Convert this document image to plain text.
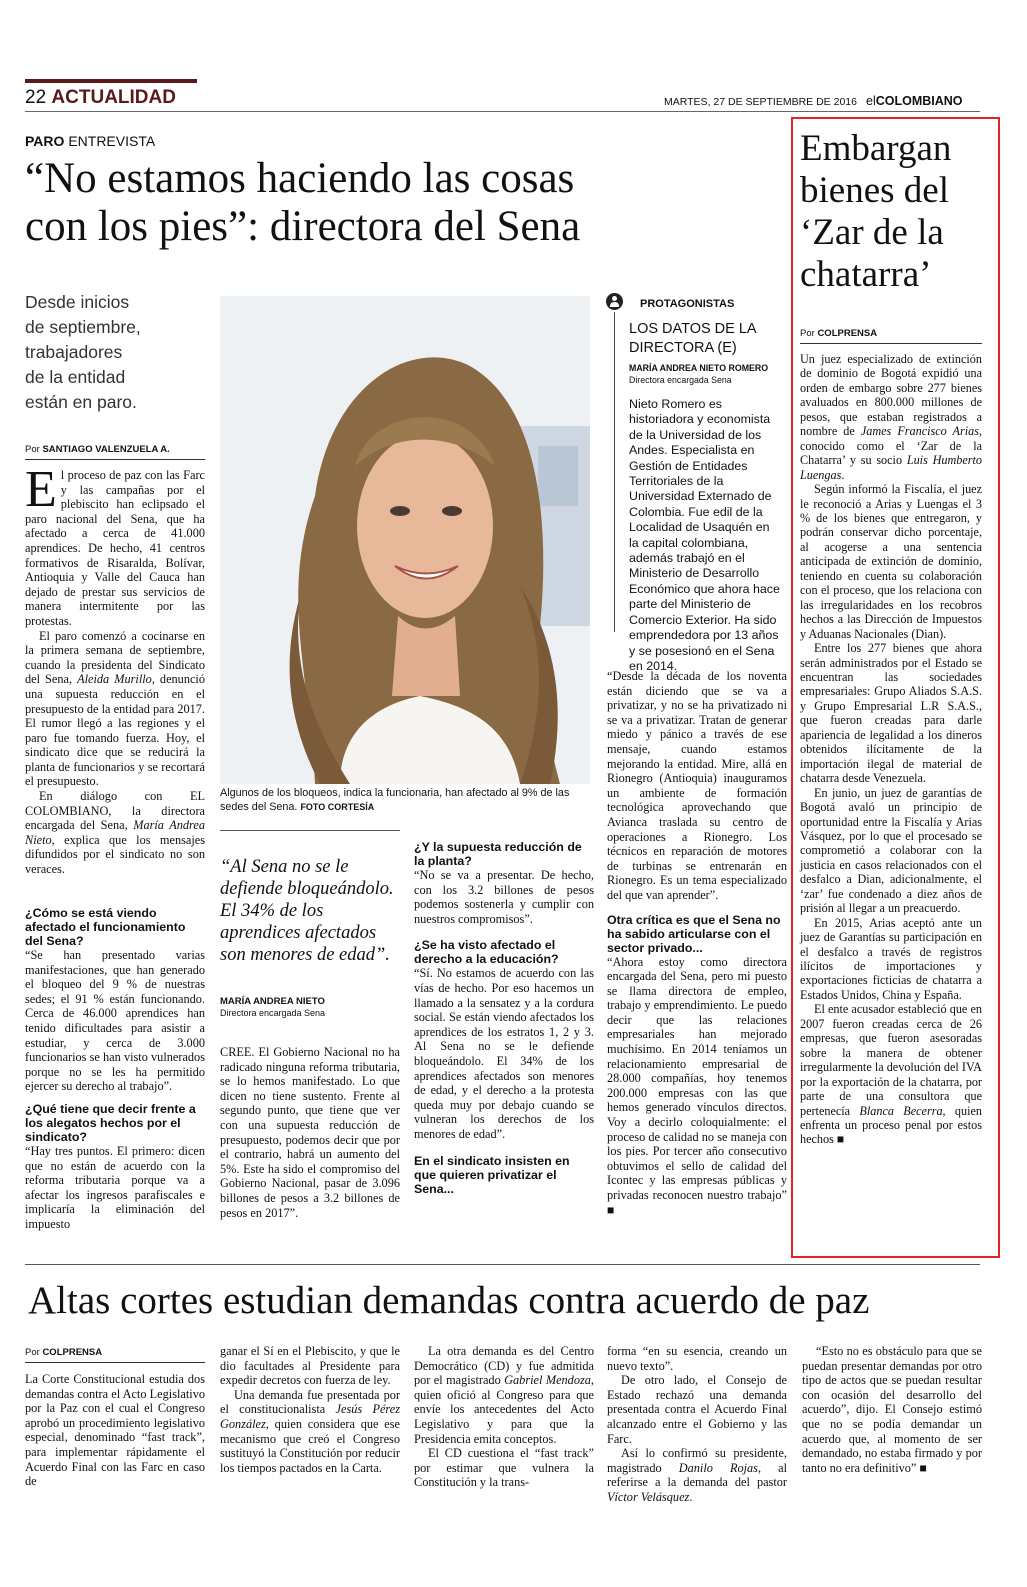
22 ACTUALIDAD	MARTES, 27 DE SEPTIEMBRE DE 2016 elCOLOMBIANO
PARO ENTREVISTA
“No estamos haciendo las cosas
con los pies”: directora del Sena
Desde inicios
de septiembre,
trabajadores
de la entidad
están en paro.
Por SANTIAGO VALENZUELA A.

El proceso de paz con las Farc y las campañas por el plebiscito han eclipsado el paro nacional del Sena, que ha afectado a cerca de 41.000 aprendices. De hecho, 41 centros formativos de Risaralda, Bolívar, Antioquia y Valle del Cauca han dejado de prestar sus servicios de manera intermitente por las protestas.

El paro comenzó a cocinarse en la primera semana de septiembre, cuando la presidenta del Sindicato del Sena, Aleida Murillo, denunció una supuesta reducción en el presupuesto de la entidad para 2017. El rumor llegó a las regiones y el paro fue tomando fuerza. Hoy, el sindicato dice que se reducirá la planta de funcionarios y se recortará el presupuesto.

En diálogo con EL COLOMBIANO, la directora encargada del Sena, María Andrea Nieto, explica que los mensajes difundidos por el sindicato no son veraces.

¿Cómo se está viendo afectado el funcionamiento del Sena?
“Se han presentado varias manifestaciones, que han generado el bloqueo del 9 % de nuestras sedes; el 91 % están funcionando. Cerca de 46.000 aprendices han tenido dificultades para asistir a estudiar, y cerca de 3.000 funcionarios se han visto vulnerados porque no se les ha permitido ejercer su derecho al trabajo”.
¿Qué tiene que decir frente a los alegatos hechos por el sindicato?
“Hay tres puntos. El primero: dicen que no están de acuerdo con la reforma tributaria porque va a afectar los ingresos parafiscales e implicaría la eliminación del impuesto
Algunos de los bloqueos, indica la funcionaria, han afectado al 9% de las sedes del Sena. FOTO CORTESÍA
“Al Sena no se le defiende bloqueándolo. El 34% de los aprendices afectados son menores de edad”.
MARÍA ANDREA NIETO
Directora encargada Sena
CREE. El Gobierno Nacional no ha radicado ninguna reforma tributaria, se lo hemos manifestado. Lo que dicen no tiene sustento. Frente al segundo punto, que tiene que ver con una supuesta reducción de presupuesto, podemos decir que por el contrario, habrá un aumento del 5%. Este ha sido el compromiso del Gobierno Nacional, pasar de 3.096 billones de pesos a 3.2 billones de pesos en 2017”.
¿Y la supuesta reducción de la planta?
“No se va a presentar. De hecho, con los 3.2 billones de pesos podemos sostenerla y cumplir con nuestros compromisos”.
¿Se ha visto afectado el derecho a la educación?
“Sí. No estamos de acuerdo con las vías de hecho. Por eso hacemos un llamado a la sensatez y a la cordura social. Se están viendo afectados los aprendices de los estratos 1, 2 y 3. Al Sena no se le defiende bloqueándolo. El 34% de los aprendices afectados son menores de edad, y el derecho a la protesta queda muy por debajo cuando se vulneran los derechos de los menores de edad”.
En el sindicato insisten en que quieren privatizar el Sena...
PROTAGONISTAS
LOS DATOS DE LA DIRECTORA (E)
MARÍA ANDREA NIETO ROMERO
Directora encargada Sena
Nieto Romero es historiadora y economista de la Universidad de los Andes. Especialista en Gestión de Entidades Territoriales de la Universidad Externado de Colombia. Fue edil de la Localidad de Usaquén en la capital colombiana, además trabajó en el Ministerio de Desarrollo Económico que ahora hace parte del Ministerio de Comercio Exterior. Ha sido emprendedora por 13 años y se posesionó en el Sena en 2014.
“Desde la década de los noventa están diciendo que se va a privatizar, y no se ha privatizado ni se va a privatizar. Tratan de generar miedo y pánico a través de ese mensaje, cuando estamos mejorando la entidad. Mire, allá en Rionegro (Antioquia) inauguramos un ambiente de formación tecnológica aprovechando que Avianca traslada su centro de operaciones a Rionegro. Los técnicos en reparación de motores de turbinas se entrenarán en Rionegro. Es un tema especializado del que van aprender”.
Otra crítica es que el Sena no ha sabido articularse con el sector privado...
“Ahora estoy como directora encargada del Sena, pero mi puesto se llama directora de empleo, trabajo y emprendimiento. Le puedo decir que las relaciones empresariales han mejorado muchísimo. En 2014 teníamos un relacionamiento empresarial de 28.000 compañías, hoy tenemos 200.000 empresas con las que hemos generado vínculos directos. Voy a decirlo coloquialmente: el proceso de calidad no se maneja con los pies. Por tercer año consecutivo obtuvimos el sello de calidad del Icontec y las empresas públicas y privadas reconocen nuestro trabajo” ■
Embargan bienes del ‘Zar de la chatarra’
Por COLPRENSA

Un juez especializado de extinción de dominio de Bogotá expidió una orden de embargo sobre 277 bienes avaluados en 800.000 millones de pesos, que estaban registrados a nombre de James Francisco Arias, conocido como el ‘Zar de la Chatarra’ y su socio Luis Humberto Luengas.

Según informó la Fiscalía, el juez le reconoció a Arias y Luengas el 3 % de los bienes que entregaron, y podrán conservar dicho porcentaje, al acogerse a una sentencia anticipada de extinción de dominio, teniendo en cuenta su colaboración con el proceso, que los relaciona con las irregularidades en los recobros hechos a las Dirección de Impuestos y Aduanas Nacionales (Dian).

Entre los 277 bienes que ahora serán administrados por el Estado se encuentran las sociedades empresariales: Grupo Aliados S.A.S. y Grupo Empresarial L.R S.A.S., que fueron creadas para darle apariencia de legalidad a los dineros obtenidos ilícitamente de la importación ilegal de material de chatarra desde Venezuela.

En junio, un juez de garantías de Bogotá avaló un principio de oportunidad entre la Fiscalía y Arias Vásquez, por lo que el procesado se comprometió a colaborar con la justicia en casos relacionados con el desfalco a Dian, adicionalmente, el ‘zar’ fue condenado a diez años de prisión al llegar a un preacuerdo.

En 2015, Arias aceptó ante un juez de Garantías su participación en el desfalco a través de registros ilícitos de importaciones y exportaciones ficticias de chatarra a Estados Unidos, China y España.

El ente acusador estableció que en 2007 fueron creadas cerca de 26 empresas, que fueron asesoradas sobre la manera de obtener irregularmente la devolución del IVA por la exportación de la chatarra, por parte de una consultora que pertenecía Blanca Becerra, quien enfrenta un proceso penal por estos hechos ■

Altas cortes estudian demandas contra acuerdo de paz
Por COLPRENSA
La Corte Constitucional estudia dos demandas contra el Acto Legislativo por la Paz con el cual el Congreso aprobó un procedimiento legislativo especial, denominado “fast track”, para implementar rápidamente el Acuerdo Final con las Farc en caso de

ganar el Sí en el Plebiscito, y que le dio facultades al Presidente para expedir decretos con fuerza de ley.

Una demanda fue presentada por el constitucionalista Jesús Pérez González, quien considera que ese mecanismo que creó el Congreso sustituyó la Constitución por reducir los tiempos pactados en la Carta.

La otra demanda es del Centro Democrático (CD) y fue admitida por el magistrado Gabriel Mendoza, quien ofició al Congreso para que envíe los antecedentes del Acto Legislativo y para que la Presidencia emita conceptos.

El CD cuestiona el “fast track” por estimar que vulnera la Constitución y la trans-

forma “en su esencia, creando un nuevo texto”.

De otro lado, el Consejo de Estado rechazó una demanda presentada contra el Acuerdo Final alcanzado entre el Gobierno y las Farc.

Así lo confirmó su presidente, magistrado Danilo Rojas, al referirse a la demanda del pastor Víctor Velásquez.

“Esto no es obstáculo para que se puedan presentar demandas por otro tipo de actos que se puedan resultar con ocasión del desarrollo del acuerdo”, dijo. El Consejo estimó que no se podía demandar un acuerdo que, al momento de ser demandado, no estaba firmado y por tanto no era definitivo” ■
